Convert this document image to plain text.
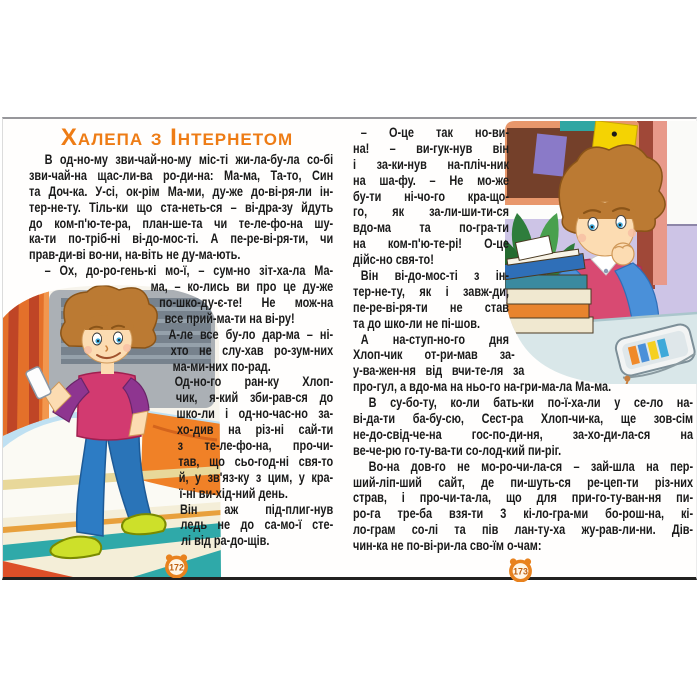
Халепа з Інтернетом
В од-но-му зви-чай-но-му міс-ті жи-ла-бу-ла со-бі
зви-чай-на щас-ли-ва ро-ди-на: Ма-ма, Та-то, Син
та Доч-ка. У-сі, ок-рім Ма-ми, ду-же до-ві-ря-ли ін-
тер-не-ту. Тіль-ки що ста-неть-ся – ві-дра-зу йдуть
до ком-п'ю-те-ра, план-ше-та чи те-ле-фо-на шу-
ка-ти по-тріб-ні ві-до-мос-ті. А пе-ре-ві-ря-ти, чи
прав-ди-ві во-ни, на-віть не ду-ма-ють.
– Ох, до-ро-гень-кі мо-ї, – сум-но зіт-ха-ла Ма-
ма, – ко-лись ви про це ду-же
по-шко-ду-є-те! Не мож-на
все прий-ма-ти на ві-ру!
А-ле все бу-ло дар-ма – ні-
хто не слу-хав ро-зум-них
ма-ми-них по-рад.
Од-но-го ран-ку Хлоп-
чик, я-кий зби-рав-ся до
шко-ли і од-но-час-но за-
хо-див на різ-ні сай-ти
з те-ле-фо-на, про-чи-
тав, що сьо-год-ні свя-то
й, у зв'яз-ку з цим, у кра-
ї-ні ви-хід-ний день.
Він аж під-плиг-нув
ледь не до са-мо-ї сте-
лі від ра-до-щів.
172
– О-це так но-ви-
на! – ви-гук-нув він
і за-ки-нув на-пліч-ник
на ша-фу. – Не мо-же
бу-ти ні-чо-го кра-що-
го, як за-ли-ши-ти-ся
вдо-ма та по-гра-ти
на ком-п'ю-те-рі! О-це
дійс-но свя-то!
Він ві-до-мос-ті з ін-
тер-не-ту, як і завж-ди,
пе-ре-ві-ря-ти не став
та до шко-ли не пі-шов.
А на-ступ-но-го дня
Хлоп-чик от-ри-мав за-
у-ва-жен-ня від вчи-те-ля за
про-гул, а вдо-ма на ньо-го на-гри-ма-ла Ма-ма.
В су-бо-ту, ко-ли бать-ки по-ї-ха-ли у се-ло на-
ві-да-ти ба-бу-сю, Сест-ра Хлоп-чи-ка, ще зов-сім
не-до-свід-че-на гос-по-ди-ня, за-хо-ди-ла-ся на
ве-че-рю го-ту-ва-ти со-лод-кий пи-ріг.
Во-на дов-го не мо-ро-чи-ла-ся – зай-шла на пер-
ший-ліп-ший сайт, де пи-шуть-ся ре-цеп-ти різ-них
страв, і про-чи-та-ла, що для при-го-ту-ван-ня пи-
ро-га тре-ба взя-ти 3 кі-ло-гра-ми бо-рош-на, кі-
ло-грам со-лі та пів лан-ту-ха жу-рав-ли-ни. Дів-
чин-ка не по-ві-ри-ла сво-їм о-чам:
173
